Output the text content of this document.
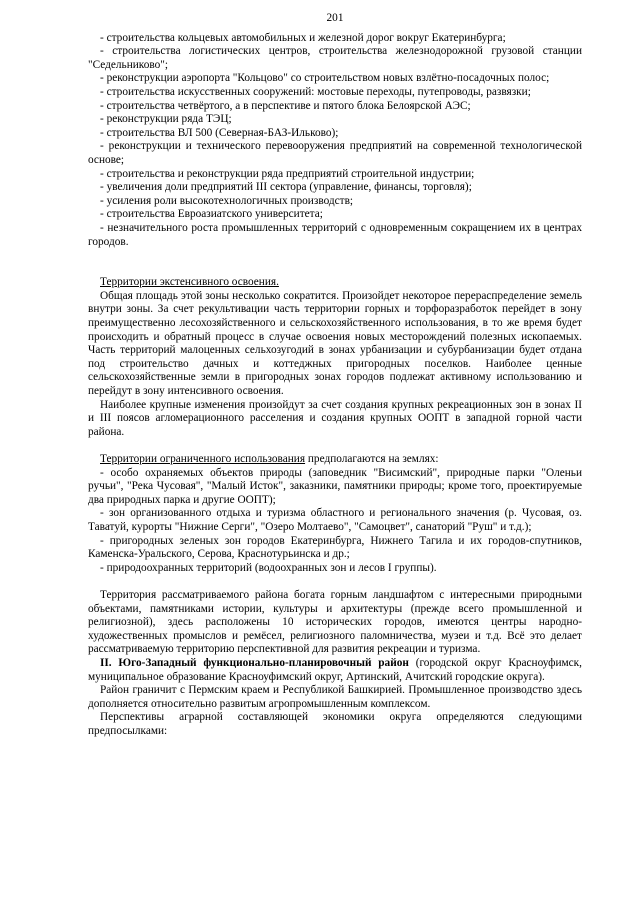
201

- строительства кольцевых автомобильных и железной дорог вокруг Екатеринбурга;

- строительства логистических центров, строительства железнодорожной грузовой станции "Седельниково";

- реконструкции аэропорта "Кольцово" со строительством новых взлётно-посадочных полос;

- строительства искусственных сооружений: мостовые переходы, путепроводы, развязки;

- строительства четвёртого, а в перспективе и пятого блока Белоярской АЭС;

- реконструкции ряда ТЭЦ;

- строительства ВЛ 500 (Северная-БАЗ-Ильково);

- реконструкции и технического перевооружения предприятий на современной технологической основе;

- строительства и реконструкции ряда предприятий строительной индустрии;

- увеличения доли предприятий III сектора (управление, финансы, торговля);

- усиления роли высокотехнологичных производств;

- строительства Евроазиатского университета;

- незначительного роста промышленных территорий с одновременным сокращением их в центрах городов.

Территории экстенсивного освоения.

Общая площадь этой зоны несколько сократится. Произойдет некоторое перераспределение земель внутри зоны. За счет рекультивации часть территории горных и торфоразработок перейдет в зону преимущественно лесохозяйственного и сельскохозяйственного использования, в то же время будет происходить и обратный процесс в случае освоения новых месторождений полезных ископаемых. Часть территорий малоценных сельхозугодий в зонах урбанизации и субурбанизации будет отдана под строительство дачных и коттеджных пригородных поселков. Наиболее ценные сельскохозяйственные земли в пригородных зонах городов подлежат активному использованию и перейдут в зону интенсивного освоения.

Наиболее крупные изменения произойдут за счет создания крупных рекреационных зон в зонах II и III поясов агломерационного расселения и создания крупных ООПТ в западной горной части района.

Территории ограниченного использования предполагаются на землях:

- особо охраняемых объектов природы (заповедник "Висимский", природные парки "Оленьи ручьи", "Река Чусовая", "Малый Исток", заказники, памятники природы; кроме того, проектируемые два природных парка и другие ООПТ);

- зон организованного отдыха и туризма областного и регионального значения (р. Чусовая, оз. Таватуй, курорты "Нижние Серги", "Озеро Молтаево", "Самоцвет", санаторий "Руш" и т.д.);

- пригородных зеленых зон городов Екатеринбурга, Нижнего Тагила и их городов-спутников, Каменска-Уральского, Серова, Краснотурьинска и др.;

- природоохранных территорий (водоохранных зон и лесов I группы).

Территория рассматриваемого района богата горным ландшафтом с интересными природными объектами, памятниками истории, культуры и архитектуры (прежде всего промышленной и религиозной), здесь расположены 10 исторических городов, имеются центры народно-художественных промыслов и ремёсел, религиозного паломничества, музеи и т.д. Всё это делает рассматриваемую территорию перспективной для развития рекреации и туризма.

II. Юго-Западный функционально-планировочный район (городской округ Красноуфимск, муниципальное образование Красноуфимский округ, Артинский, Ачитский городские округа).

Район граничит с Пермским краем и Республикой Башкирией. Промышленное производство здесь дополняется относительно развитым агропромышленным комплексом.

Перспективы аграрной составляющей экономики округа определяются следующими предпосылками:
